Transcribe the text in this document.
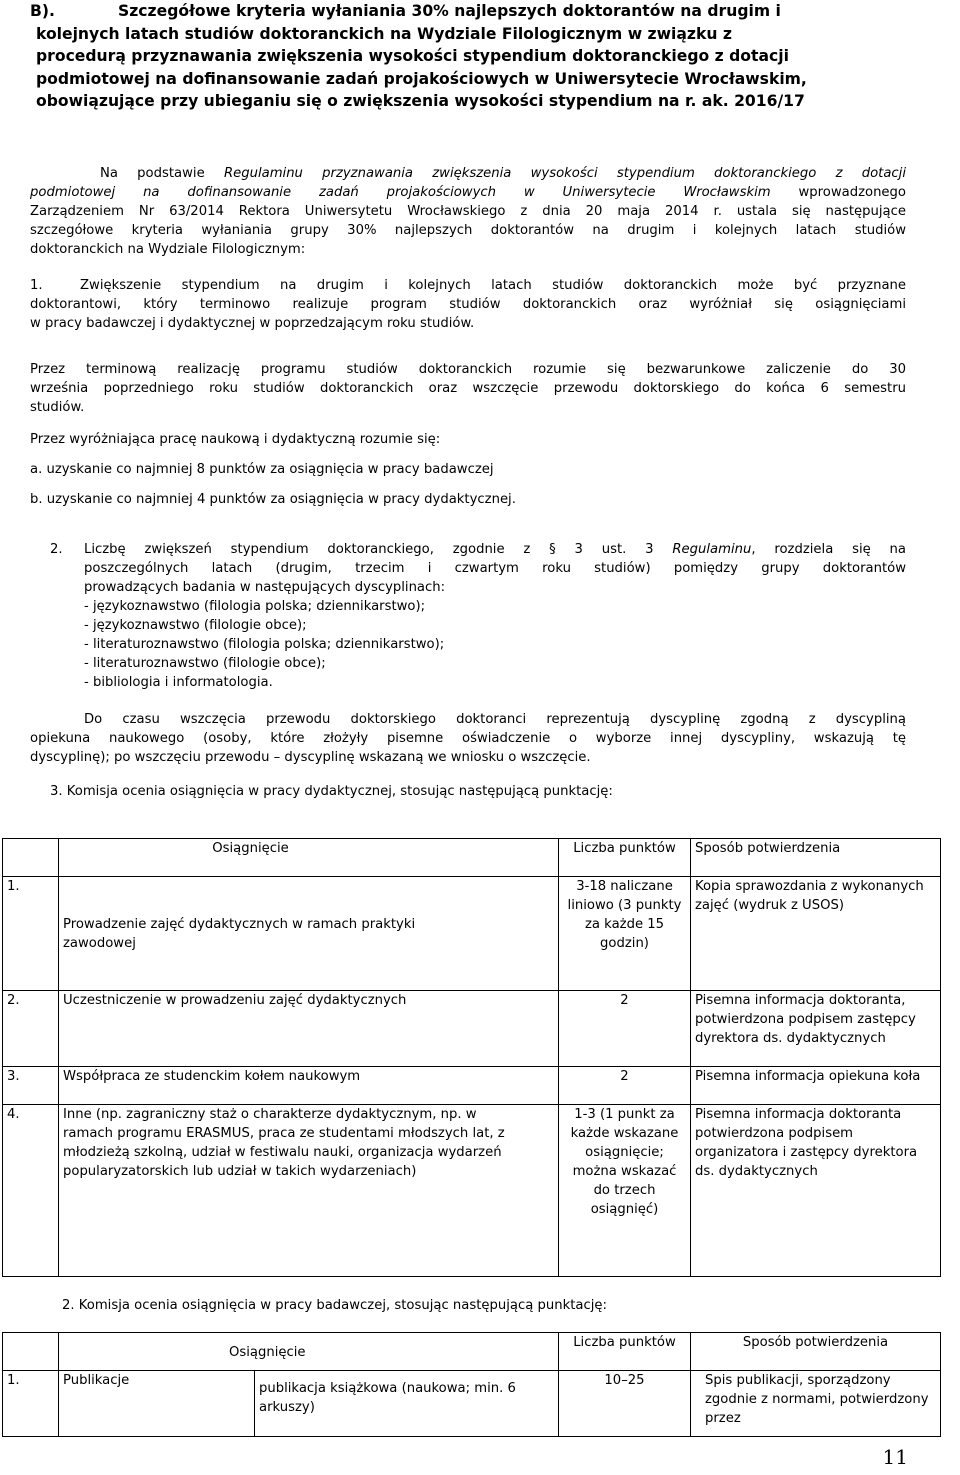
B).	Szczegółowe kryteria wyłaniania 30% najlepszych doktorantów na drugim i
kolejnych latach studiów doktoranckich na Wydziale Filologicznym w związku z
procedurą przyznawania zwiększenia wysokości stypendium doktoranckiego z dotacji
podmiotowej na dofinansowanie zadań projakościowych w Uniwersytecie Wrocławskim,
obowiązujące przy ubieganiu się o zwiększenia wysokości stypendium na r. ak. 2016/17
Na podstawie Regulaminu przyznawania zwiększenia wysokości stypendium doktoranckiego z dotacji
podmiotowej na dofinansowanie zadań projakościowych w Uniwersytecie Wrocławskim wprowadzonego
Zarządzeniem Nr 63/2014 Rektora Uniwersytetu Wrocławskiego z dnia 20 maja 2014 r. ustala się następujące
szczegółowe kryteria wyłaniania grupy 30% najlepszych doktorantów na drugim i kolejnych latach studiów
doktoranckich na Wydziale Filologicznym:
1.	Zwiększenie stypendium na drugim i kolejnych latach studiów doktoranckich może być przyznane
doktorantowi, który terminowo realizuje program studiów doktoranckich oraz wyróżniał się osiągnięciami
w pracy badawczej i dydaktycznej w poprzedzającym roku studiów.
Przez terminową realizację programu studiów doktoranckich rozumie się bezwarunkowe zaliczenie do 30
września poprzedniego roku studiów doktoranckich oraz wszczęcie przewodu doktorskiego do końca 6 semestru
studiów.
Przez wyróżniająca pracę naukową i dydaktyczną rozumie się:
a. uzyskanie co najmniej 8 punktów za osiągnięcia w pracy badawczej
b. uzyskanie co najmniej 4 punktów za osiągnięcia w pracy dydaktycznej.
2. Liczbę zwiększeń stypendium doktoranckiego, zgodnie z § 3 ust. 3 Regulaminu, rozdziela się na
poszczególnych latach (drugim, trzecim i czwartym roku studiów) pomiędzy grupy doktorantów
prowadzących badania w następujących dyscyplinach:
- językoznawstwo (filologia polska; dziennikarstwo);
- językoznawstwo (filologie obce);
- literaturoznawstwo (filologia polska; dziennikarstwo);
- literaturoznawstwo (filologie obce);
- bibliologia i informatologia.
Do czasu wszczęcia przewodu doktorskiego doktoranci reprezentują dyscyplinę zgodną z dyscypliną
opiekuna naukowego (osoby, które złożyły pisemne oświadczenie o wyborze innej dyscypliny, wskazują tę
dyscyplinę); po wszczęciu przewodu – dyscyplinę wskazaną we wniosku o wszczęcie.
3. Komisja ocenia osiągnięcia w pracy dydaktycznej, stosując następującą punktację:
	Osiągnięcie	Liczba punktów	Sposób potwierdzenia
1.	Prowadzenie zajęć dydaktycznych w ramach praktyki zawodowej	3-18 naliczane liniowo (3 punkty za każde 15 godzin)	Kopia sprawozdania z wykonanych zajęć (wydruk z USOS)
2.	Uczestniczenie w prowadzeniu zajęć dydaktycznych	2	Pisemna informacja doktoranta, potwierdzona podpisem zastępcy dyrektora ds. dydaktycznych
3.	Współpraca ze studenckim kołem naukowym	2	Pisemna informacja opiekuna koła
4.	Inne (np. zagraniczny staż o charakterze dydaktycznym, np. w ramach programu ERASMUS, praca ze studentami młodszych lat, z młodzieżą szkolną, udział w festiwalu nauki, organizacja wydarzeń popularyzatorskich lub udział w takich wydarzeniach)	1-3 (1 punkt za każde wskazane osiągnięcie; można wskazać do trzech osiągnięć)	Pisemna informacja doktoranta potwierdzona podpisem organizatora i zastępcy dyrektora ds. dydaktycznych
2. Komisja ocenia osiągnięcia w pracy badawczej, stosując następującą punktację:
	Osiągnięcie		Liczba punktów	Sposób potwierdzenia
1.	Publikacje	publikacja książkowa (naukowa; min. 6 arkuszy)	10–25	Spis publikacji, sporządzony zgodnie z normami, potwierdzony przez
11
